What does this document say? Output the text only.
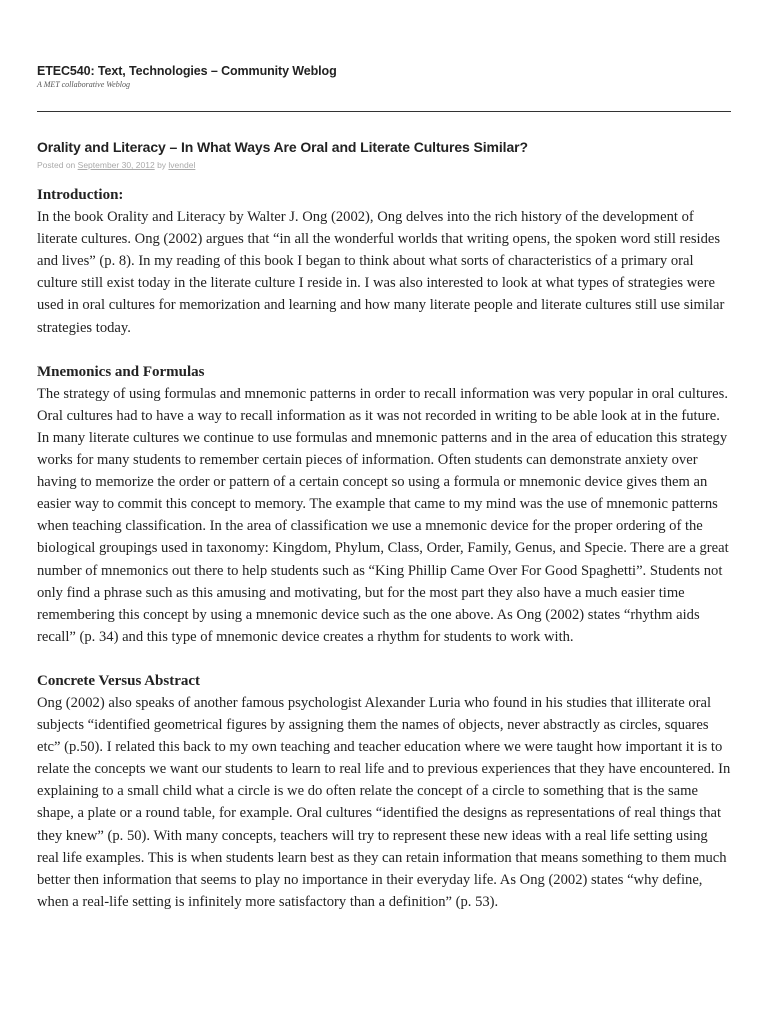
ETEC540: Text, Technologies – Community Weblog
A MET collaborative Weblog
Orality and Literacy – In What Ways Are Oral and Literate Cultures Similar?
Posted on September 30, 2012 by lvendel
Introduction:

In the book Orality and Literacy by Walter J. Ong (2002), Ong delves into the rich history of the development of literate cultures. Ong (2002) argues that “in all the wonderful worlds that writing opens, the spoken word still resides and lives” (p. 8). In my reading of this book I began to think about what sorts of characteristics of a primary oral culture still exist today in the literate culture I reside in. I was also interested to look at what types of strategies were used in oral cultures for memorization and learning and how many literate people and literate cultures still use similar strategies today.

Mnemonics and Formulas

The strategy of using formulas and mnemonic patterns in order to recall information was very popular in oral cultures. Oral cultures had to have a way to recall information as it was not recorded in writing to be able look at in the future. In many literate cultures we continue to use formulas and mnemonic patterns and in the area of education this strategy works for many students to remember certain pieces of information. Often students can demonstrate anxiety over having to memorize the order or pattern of a certain concept so using a formula or mnemonic device gives them an easier way to commit this concept to memory. The example that came to my mind was the use of mnemonic patterns when teaching classification. In the area of classification we use a mnemonic device for the proper ordering of the biological groupings used in taxonomy: Kingdom, Phylum, Class, Order, Family, Genus, and Specie. There are a great number of mnemonics out there to help students such as “King Phillip Came Over For Good Spaghetti”. Students not only find a phrase such as this amusing and motivating, but for the most part they also have a much easier time remembering this concept by using a mnemonic device such as the one above. As Ong (2002) states “rhythm aids recall” (p. 34) and this type of mnemonic device creates a rhythm for students to work with.

Concrete Versus Abstract

Ong (2002) also speaks of another famous psychologist Alexander Luria who found in his studies that illiterate oral subjects “identified geometrical figures by assigning them the names of objects, never abstractly as circles, squares etc” (p.50). I related this back to my own teaching and teacher education where we were taught how important it is to relate the concepts we want our students to learn to real life and to previous experiences that they have encountered. In explaining to a small child what a circle is we do often relate the concept of a circle to something that is the same shape, a plate or a round table, for example. Oral cultures “identified the designs as representations of real things that they knew” (p. 50). With many concepts, teachers will try to represent these new ideas with a real life setting using real life examples. This is when students learn best as they can retain information that means something to them much better then information that seems to play no importance in their everyday life. As Ong (2002) states “why define, when a real-life setting is infinitely more satisfactory than a definition” (p. 53).
